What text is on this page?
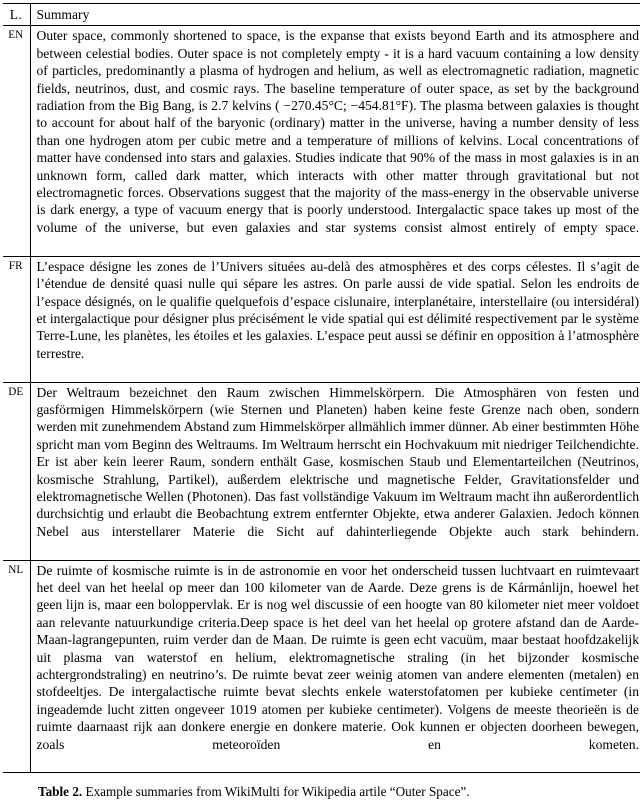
L.	Summary
EN	Outer space, commonly shortened to space, is the expanse that exists beyond Earth and its atmosphere and between celestial bodies. Outer space is not completely empty - it is a hard vacuum containing a low density of particles, predominantly a plasma of hydrogen and helium, as well as electromagnetic radiation, magnetic fields, neutrinos, dust, and cosmic rays. The baseline temperature of outer space, as set by the background radiation from the Big Bang, is 2.7 kelvins ( −270.45°C; −454.81°F). The plasma between galaxies is thought to account for about half of the baryonic (ordinary) matter in the universe, having a number density of less than one hydrogen atom per cubic metre and a temperature of millions of kelvins. Local concentrations of matter have condensed into stars and galaxies. Studies indicate that 90% of the mass in most galaxies is in an unknown form, called dark matter, which interacts with other matter through gravitational but not electromagnetic forces. Observations suggest that the majority of the mass-energy in the observable universe is dark energy, a type of vacuum energy that is poorly understood. Intergalactic space takes up most of the volume of the universe, but even galaxies and star systems consist almost entirely of empty space.

FR	L’espace désigne les zones de l’Univers situées au-delà des atmosphères et des corps célestes. Il s’agit de l’étendue de densité quasi nulle qui sépare les astres. On parle aussi de vide spatial. Selon les endroits de l’espace désignés, on le qualifie quelquefois d’espace cislunaire, interplanétaire, interstellaire (ou intersidéral) et intergalactique pour désigner plus précisément le vide spatial qui est délimité respectivement par le système Terre-Lune, les planètes, les étoiles et les galaxies. L’espace peut aussi se définir en opposition à l’atmosphère terrestre.

DE	Der Weltraum bezeichnet den Raum zwischen Himmelskörpern. Die Atmosphären von festen und gasförmigen Himmelskörpern (wie Sternen und Planeten) haben keine feste Grenze nach oben, sondern werden mit zunehmendem Abstand zum Himmelskörper allmählich immer dünner. Ab einer bestimmten Höhe spricht man vom Beginn des Weltraums. Im Weltraum herrscht ein Hochvakuum mit niedriger Teilchendichte. Er ist aber kein leerer Raum, sondern enthält Gase, kosmischen Staub und Elementarteilchen (Neutrinos, kosmische Strahlung, Partikel), außerdem elektrische und magnetische Felder, Gravitationsfelder und elektromagnetische Wellen (Photonen). Das fast vollständige Vakuum im Weltraum macht ihn außerordentlich durchsichtig und erlaubt die Beobachtung extrem entfernter Objekte, etwa anderer Galaxien. Jedoch können Nebel aus interstellarer Materie die Sicht auf dahinterliegende Objekte auch stark behindern.

NL	De ruimte of kosmische ruimte is in de astronomie en voor het onderscheid tussen luchtvaart en ruimtevaart het deel van het heelal op meer dan 100 kilometer van de Aarde. Deze grens is de Kármánlijn, hoewel het geen lijn is, maar een boloppervlak. Er is nog wel discussie of een hoogte van 80 kilometer niet meer voldoet aan relevante natuurkundige criteria.Deep space is het deel van het heelal op grotere afstand dan de Aarde-Maan-lagrangepunten, ruim verder dan de Maan. De ruimte is geen echt vacuüm, maar bestaat hoofdzakelijk uit plasma van waterstof en helium, elektromagnetische straling (in het bijzonder kosmische achtergrondstraling) en neutrino’s. De ruimte bevat zeer weinig atomen van andere elementen (metalen) en stofdeeltjes. De intergalactische ruimte bevat slechts enkele waterstofatomen per kubieke centimeter (in ingeademde lucht zitten ongeveer 1019 atomen per kubieke centimeter). Volgens de meeste theorieën is de ruimte daarnaast rijk aan donkere energie en donkere materie. Ook kunnen er objecten doorheen bewegen, zoals meteoroïden en kometen.

Table 2. Example summaries from WikiMulti for Wikipedia artile “Outer Space”.
